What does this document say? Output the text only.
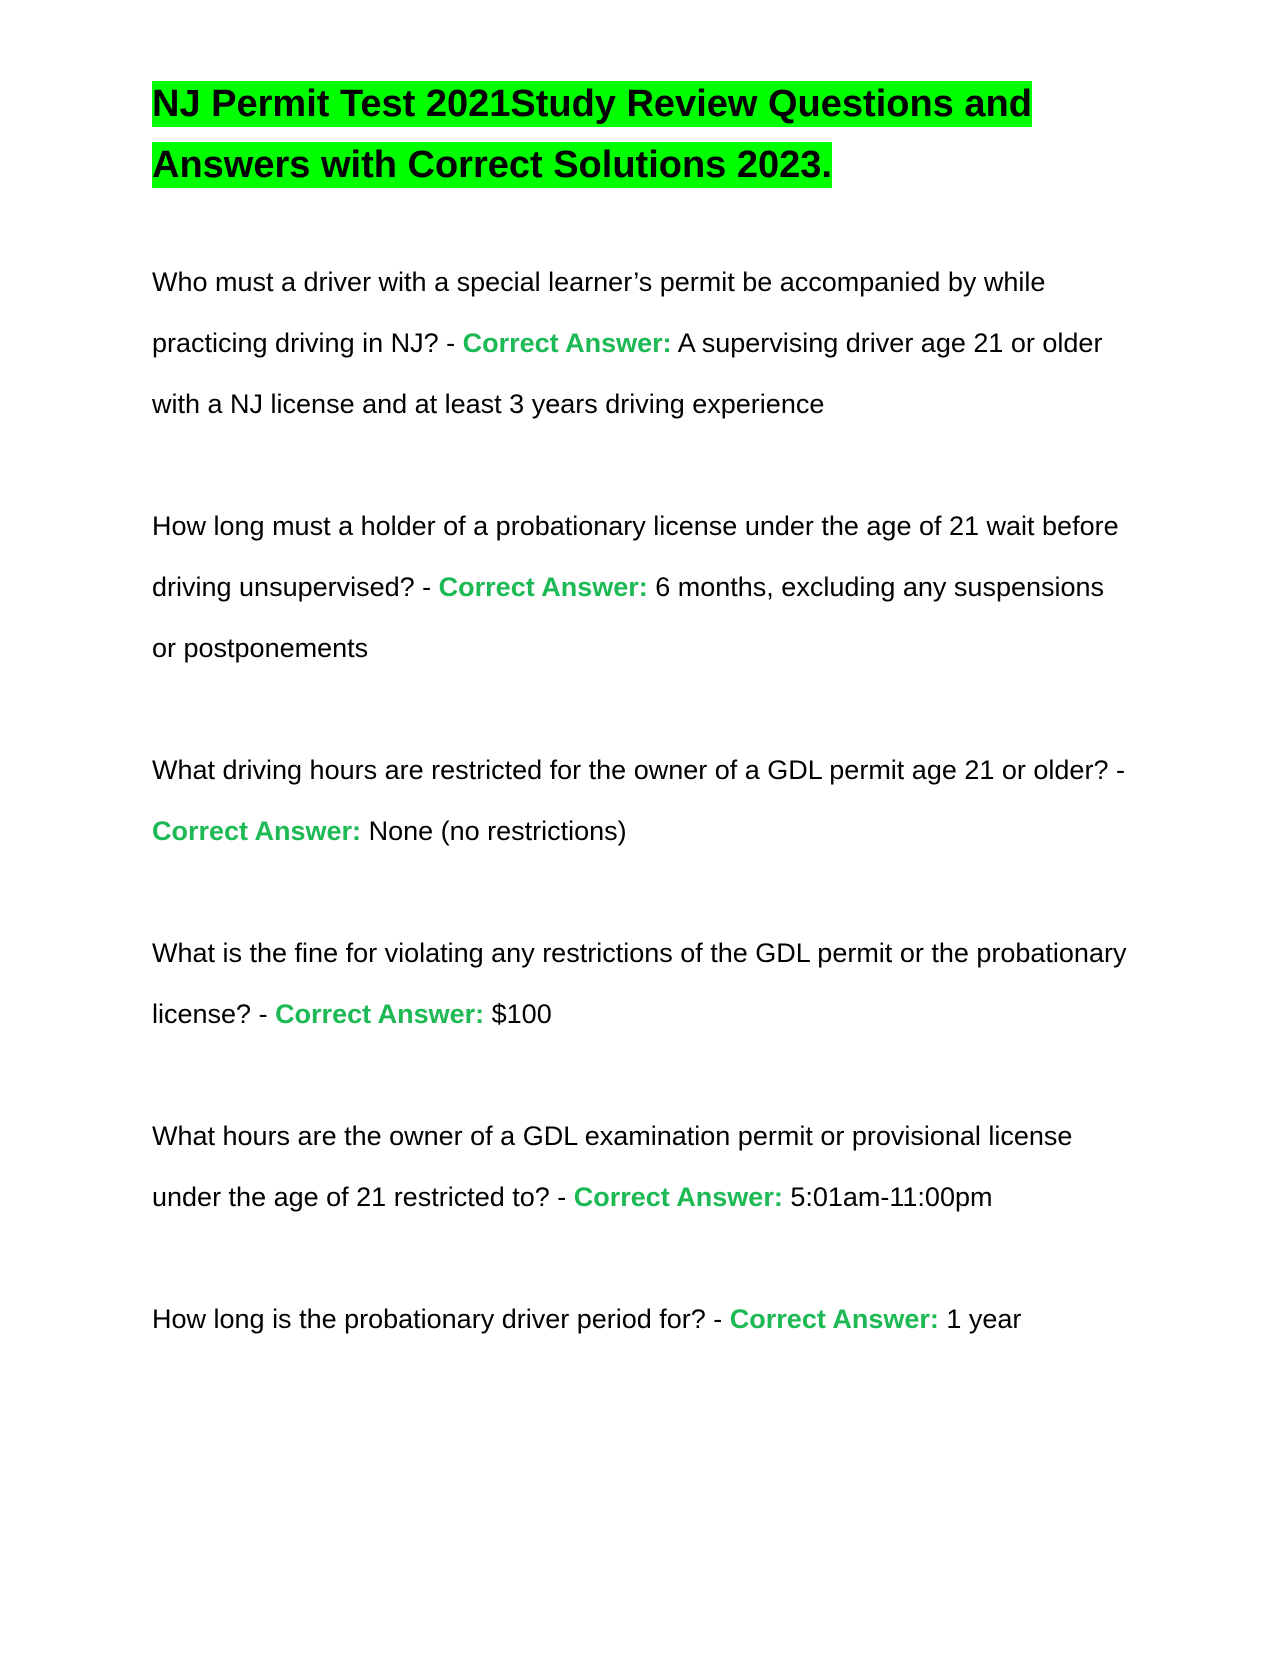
NJ Permit Test 2021Study Review Questions and Answers with Correct Solutions 2023.

Who must a driver with a special learner’s permit be accompanied by while practicing driving in NJ? - Correct Answer: A supervising driver age 21 or older with a NJ license and at least 3 years driving experience

How long must a holder of a probationary license under the age of 21 wait before driving unsupervised? - Correct Answer: 6 months, excluding any suspensions or postponements

What driving hours are restricted for the owner of a GDL permit age 21 or older? - Correct Answer: None (no restrictions)

What is the fine for violating any restrictions of the GDL permit or the probationary license? - Correct Answer: $100

What hours are the owner of a GDL examination permit or provisional license under the age of 21 restricted to? - Correct Answer: 5:01am-11:00pm

How long is the probationary driver period for? - Correct Answer: 1 year
